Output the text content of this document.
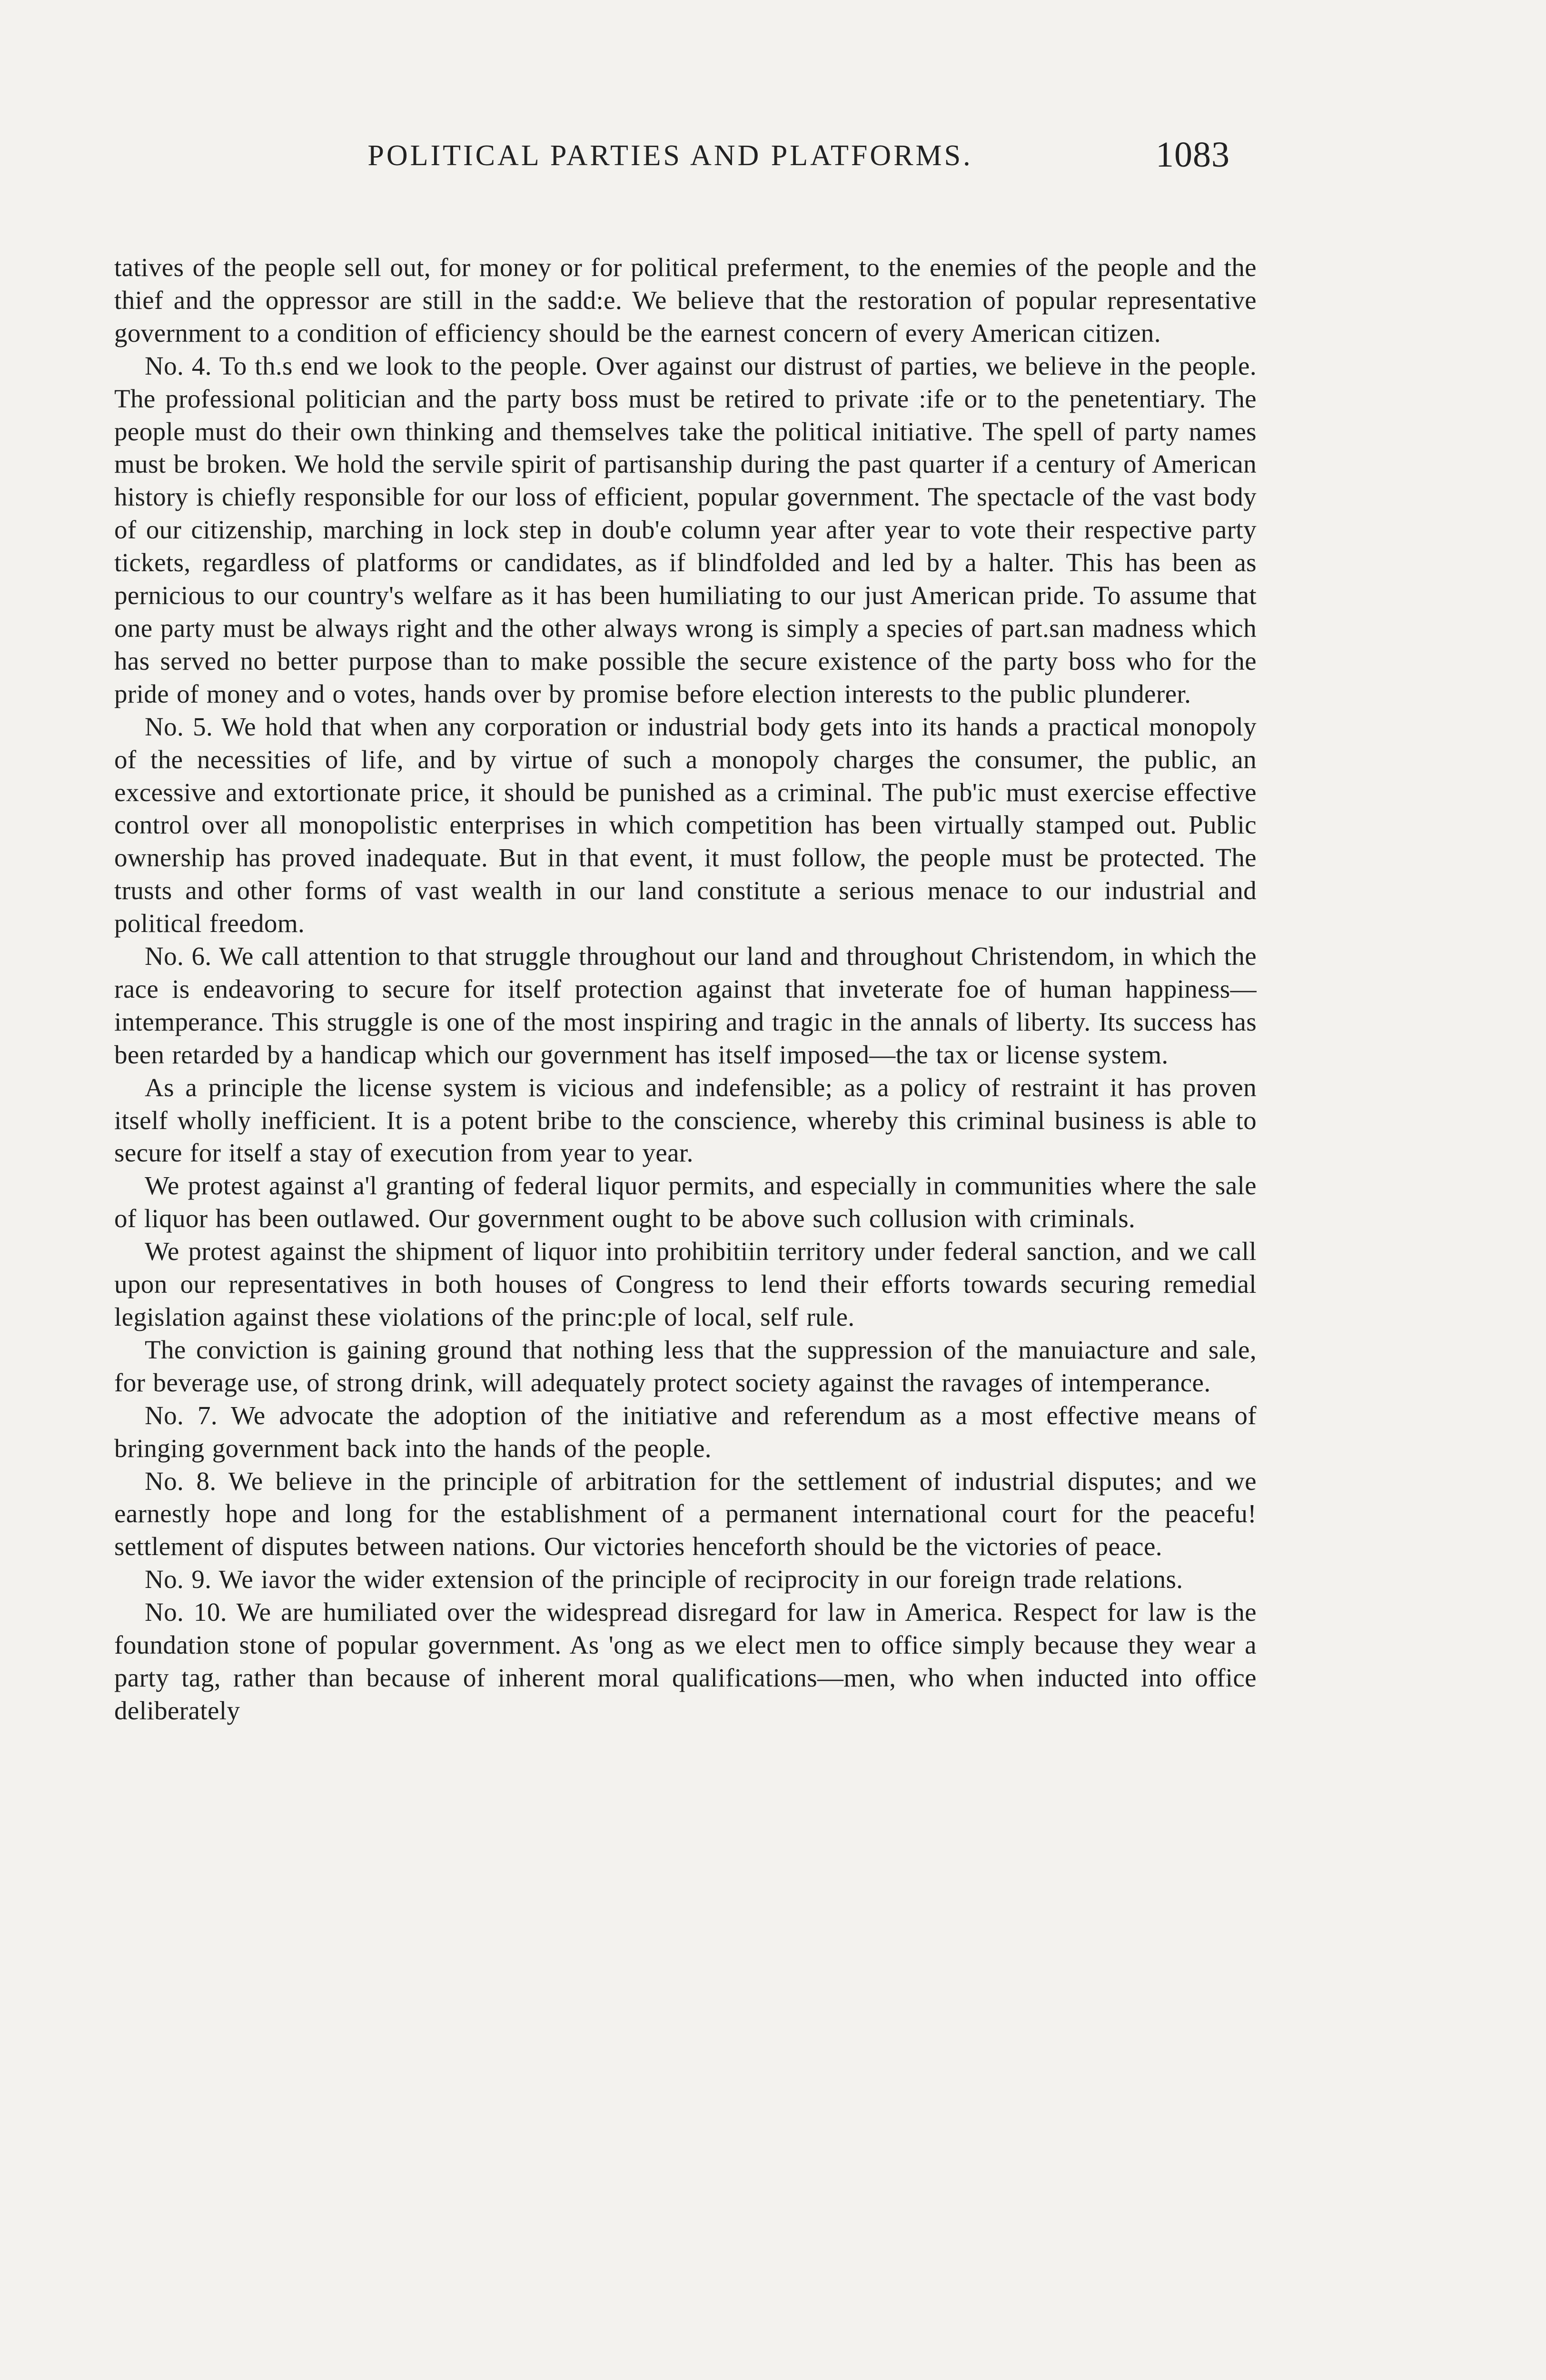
POLITICAL PARTIES AND PLATFORMS.	1083

tatives of the people sell out, for money or for political preferment, to the enemies of the people and the thief and the oppressor are still in the sadd:e. We believe that the restoration of popular representative government to a condition of efficiency should be the earnest concern of every American citizen.

No. 4. To th.s end we look to the people. Over against our distrust of parties, we believe in the people. The professional politician and the party boss must be retired to private :ife or to the penetentiary. The people must do their own thinking and themselves take the political initiative. The spell of party names must be broken. We hold the servile spirit of partisanship during the past quarter if a century of American history is chiefly responsible for our loss of efficient, popular government. The spectacle of the vast body of our citizenship, marching in lock step in doub'e column year after year to vote their respective party tickets, regardless of platforms or candidates, as if blindfolded and led by a halter. This has been as pernicious to our country's welfare as it has been humiliating to our just American pride. To assume that one party must be always right and the other always wrong is simply a species of part.san madness which has served no better purpose than to make possible the secure existence of the party boss who for the pride of money and o votes, hands over by promise before election interests to the public plunderer.

No. 5. We hold that when any corporation or industrial body gets into its hands a practical monopoly of the necessities of life, and by virtue of such a monopoly charges the consumer, the public, an excessive and extortionate price, it should be punished as a criminal. The pub'ic must exercise effective control over all monopolistic enterprises in which competition has been virtually stamped out. Public ownership has proved inadequate. But in that event, it must follow, the people must be protected. The trusts and other forms of vast wealth in our land constitute a serious menace to our industrial and political freedom.

No. 6. We call attention to that struggle throughout our land and throughout Christendom, in which the race is endeavoring to secure for itself protection against that inveterate foe of human happiness—intemperance. This struggle is one of the most inspiring and tragic in the annals of liberty. Its success has been retarded by a handicap which our government has itself imposed—the tax or license system.

As a principle the license system is vicious and indefensible; as a policy of restraint it has proven itself wholly inefficient. It is a potent bribe to the conscience, whereby this criminal business is able to secure for itself a stay of execution from year to year.

We protest against a'l granting of federal liquor permits, and especially in communities where the sale of liquor has been outlawed. Our government ought to be above such collusion with criminals.

We protest against the shipment of liquor into prohibitiin territory under federal sanction, and we call upon our representatives in both houses of Congress to lend their efforts towards securing remedial legislation against these violations of the princ:ple of local, self rule.

The conviction is gaining ground that nothing less that the suppression of the manuiacture and sale, for beverage use, of strong drink, will adequately protect society against the ravages of intemperance.

No. 7. We advocate the adoption of the initiative and referendum as a most effective means of bringing government back into the hands of the people.

No. 8. We believe in the principle of arbitration for the settlement of industrial disputes; and we earnestly hope and long for the establishment of a permanent international court for the peacefu! settlement of disputes between nations. Our victories henceforth should be the victories of peace.

No. 9. We iavor the wider extension of the principle of reciprocity in our foreign trade relations.

No. 10. We are humiliated over the widespread disregard for law in America. Respect for law is the foundation stone of popular government. As 'ong as we elect men to office simply because they wear a party tag, rather than because of inherent moral qualifications—men, who when inducted into office deliberately
